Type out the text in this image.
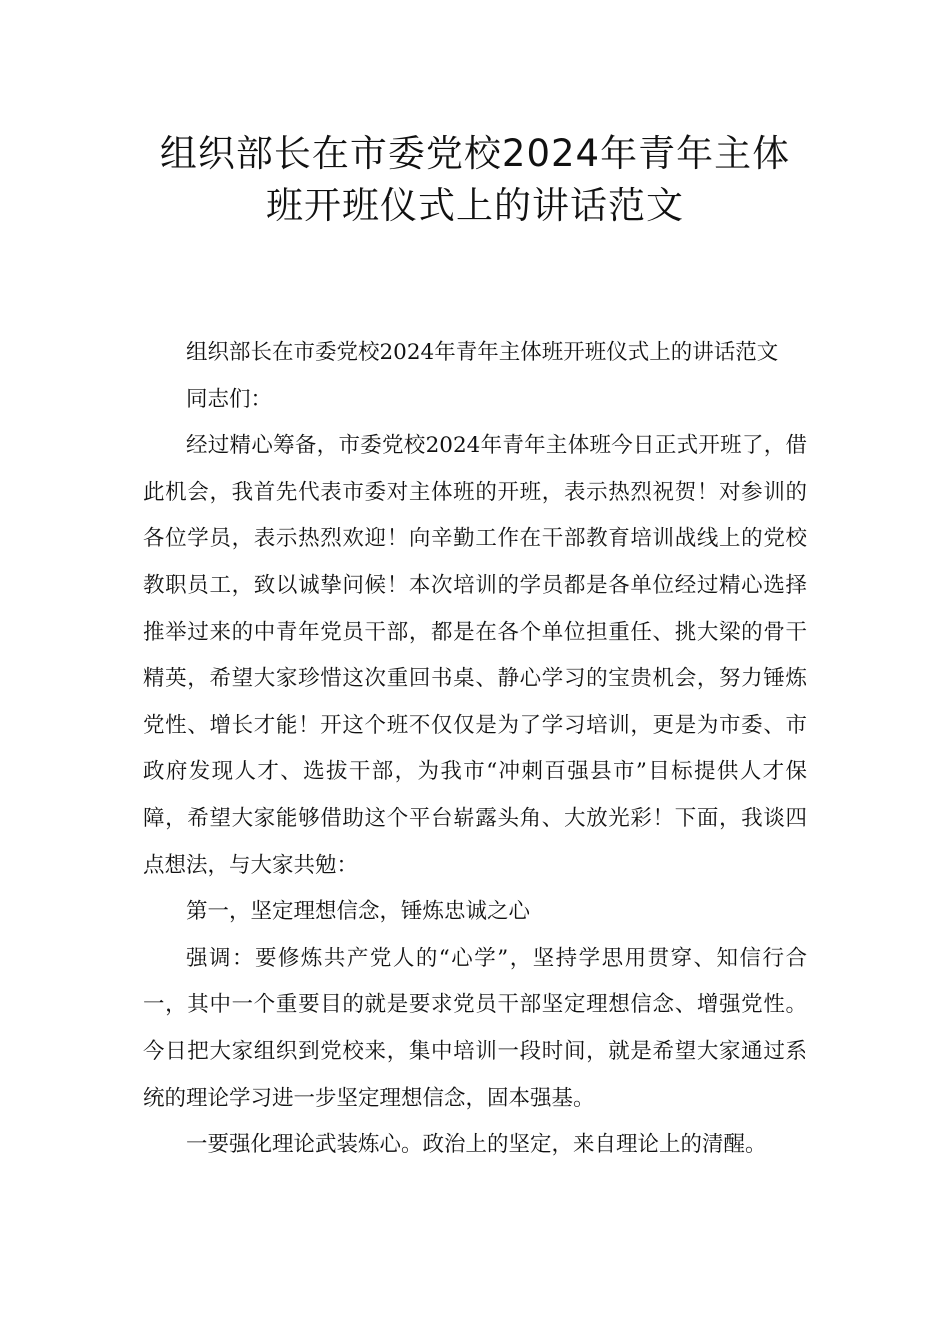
组织部长在市委党校2024年青年主体
班开班仪式上的讲话范文

组织部长在市委党校2024年青年主体班开班仪式上的讲话范文

同志们：

经过精心筹备，市委党校2024年青年主体班今日正式开班了，借此机会，我首先代表市委对主体班的开班，表示热烈祝贺！对参训的各位学员，表示热烈欢迎！向辛勤工作在干部教育培训战线上的党校教职员工，致以诚挚问候！本次培训的学员都是各单位经过精心选择推举过来的中青年党员干部，都是在各个单位担重任、挑大梁的骨干精英，希望大家珍惜这次重回书桌、静心学习的宝贵机会，努力锤炼党性、增长才能！开这个班不仅仅是为了学习培训，更是为市委、市政府发现人才、选拔干部，为我市“冲刺百强县市”目标提供人才保障，希望大家能够借助这个平台崭露头角、大放光彩！下面，我谈四点想法，与大家共勉：

第一，坚定理想信念，锤炼忠诚之心

强调：要修炼共产党人的“心学”，坚持学思用贯穿、知信行合一，其中一个重要目的就是要求党员干部坚定理想信念、增强党性。今日把大家组织到党校来，集中培训一段时间，就是希望大家通过系统的理论学习进一步坚定理想信念，固本强基。

一要强化理论武装炼心。政治上的坚定，来自理论上的清醒。
